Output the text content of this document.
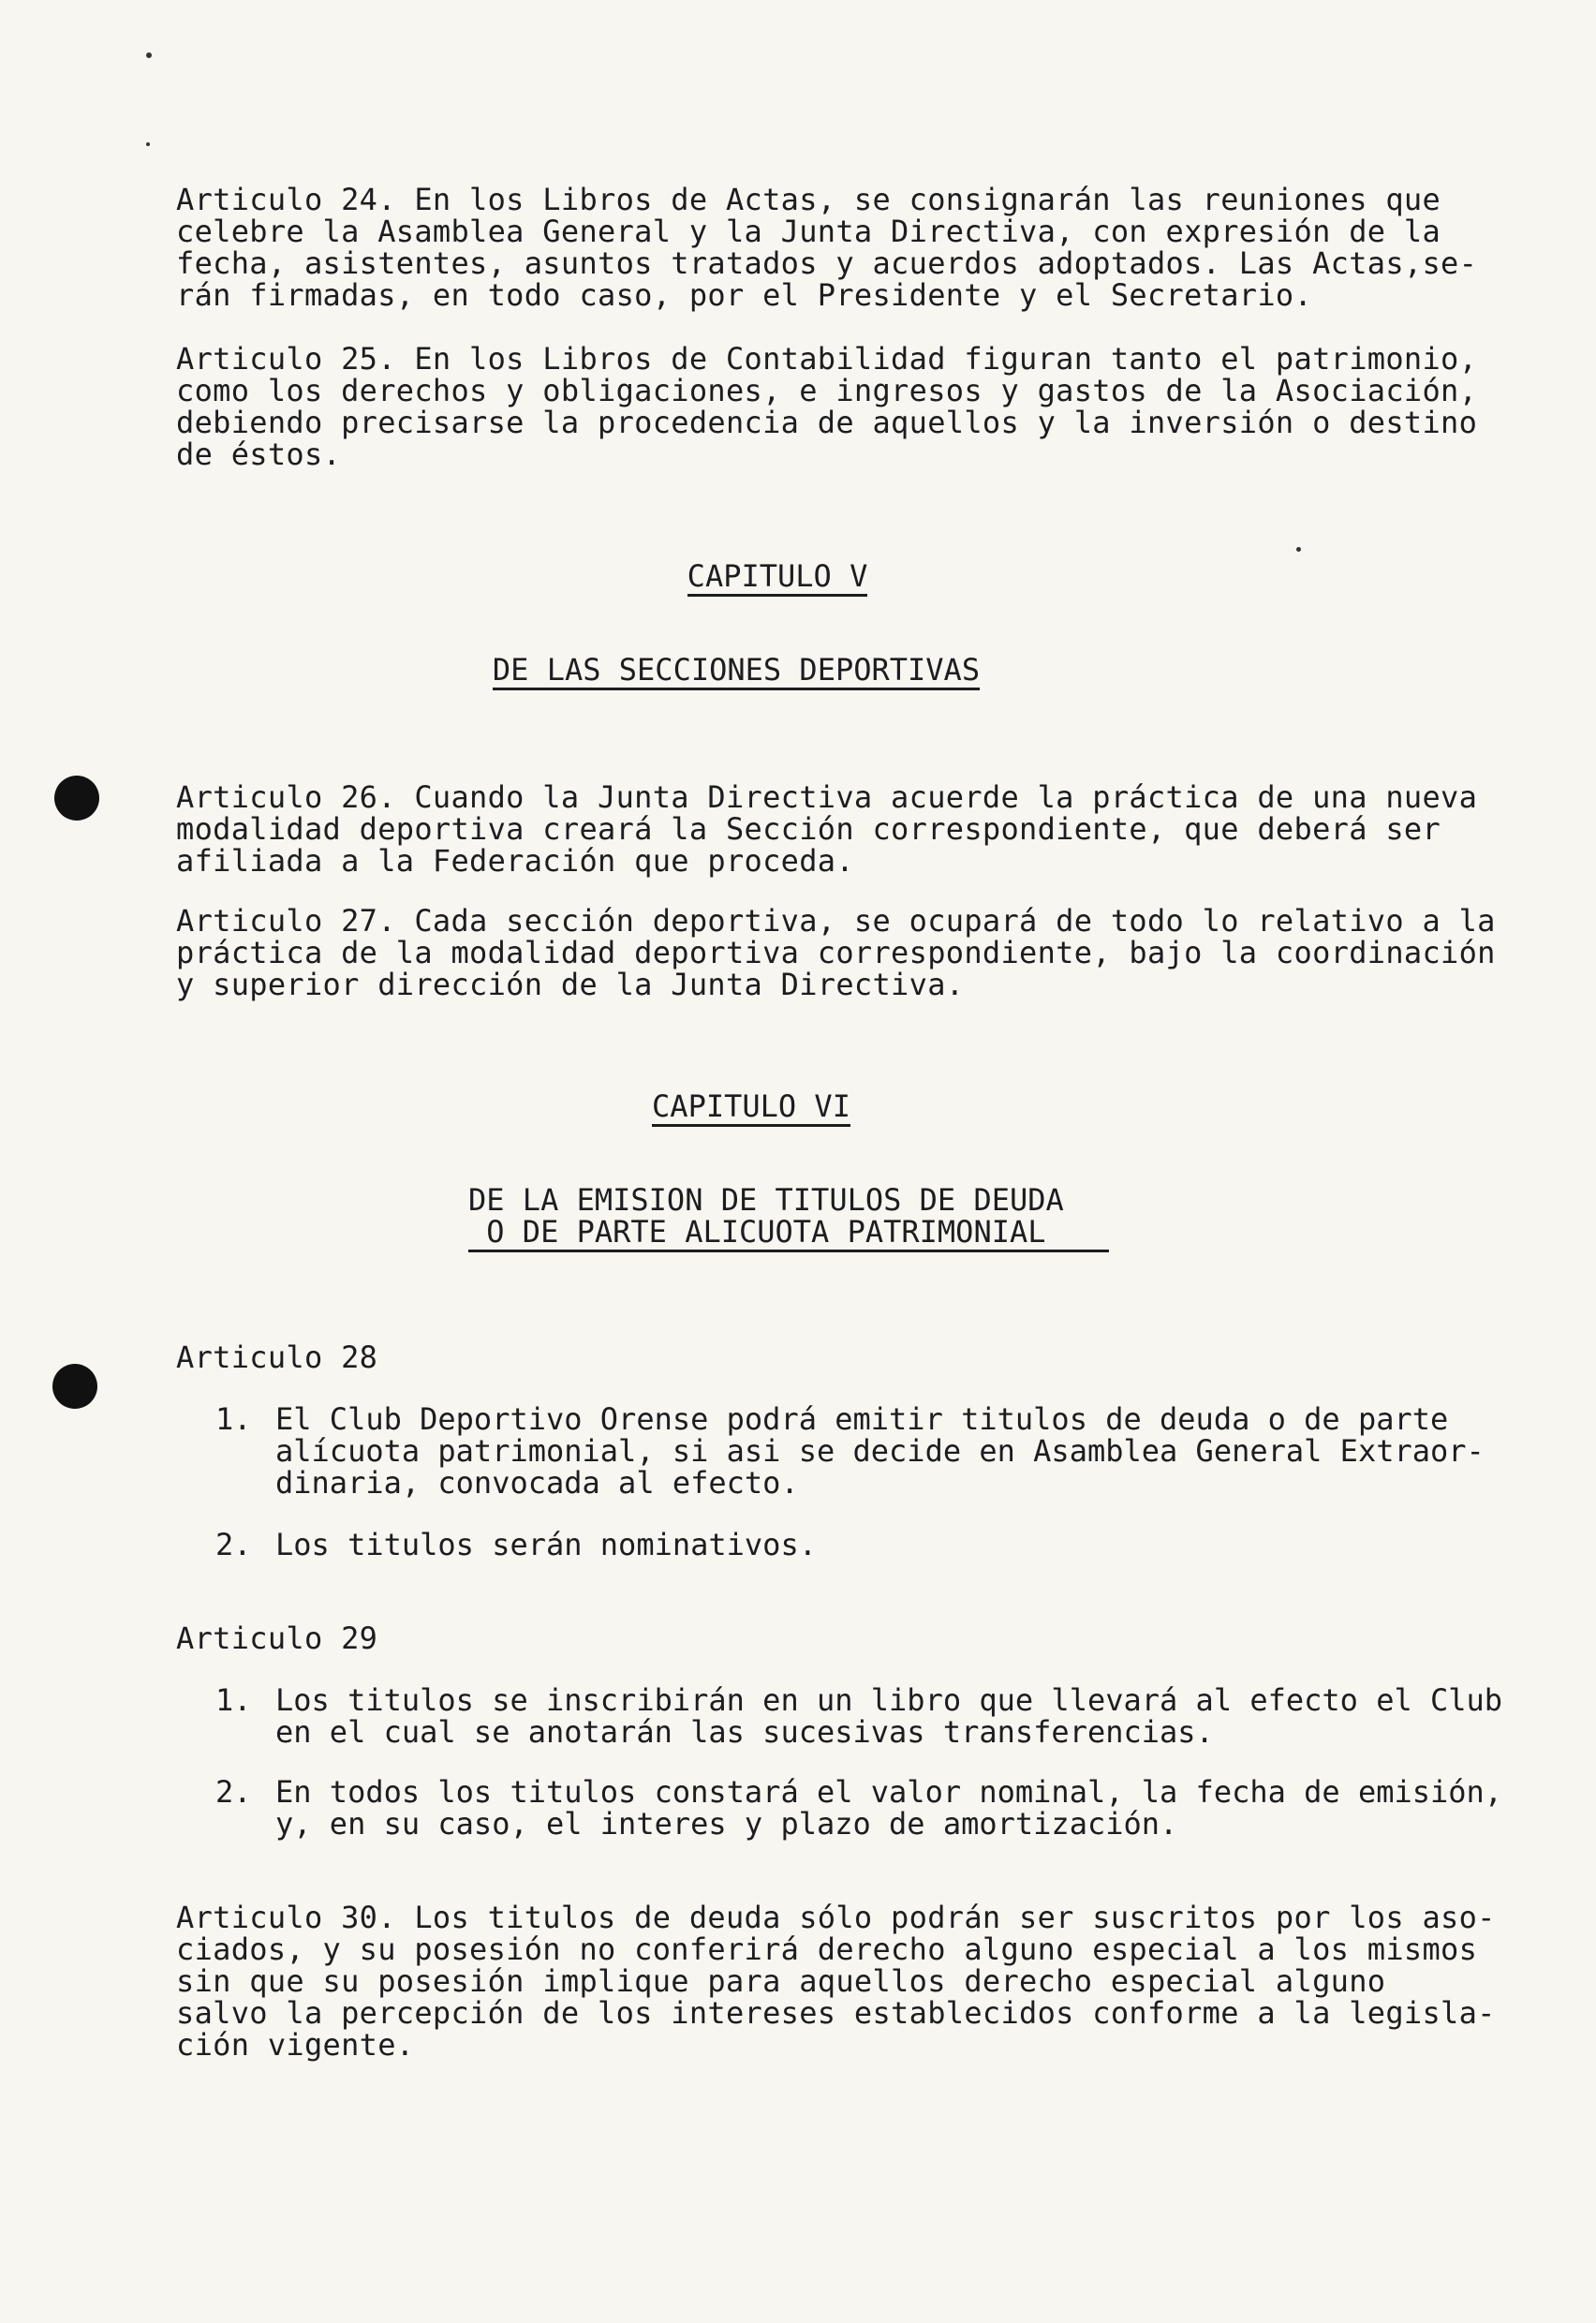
Articulo 24. En los Libros de Actas, se consignarán las reuniones que
celebre la Asamblea General y la Junta Directiva, con expresión de la
fecha, asistentes, asuntos tratados y acuerdos adoptados. Las Actas,se-
rán firmadas, en todo caso, por el Presidente y el Secretario.

Articulo 25. En los Libros de Contabilidad figuran tanto el patrimonio,
como los derechos y obligaciones, e ingresos y gastos de la Asociación,
debiendo precisarse la procedencia de aquellos y la inversión o destino
de éstos.

CAPITULO V
DE LAS SECCIONES DEPORTIVAS

Articulo 26. Cuando la Junta Directiva acuerde la práctica de una nueva
modalidad deportiva creará la Sección correspondiente, que deberá ser
afiliada a la Federación que proceda.

Articulo 27. Cada sección deportiva, se ocupará de todo lo relativo a la
práctica de la modalidad deportiva correspondiente, bajo la coordinación
y superior dirección de la Junta Directiva.

CAPITULO VI
DE LA EMISION DE TITULOS DE DEUDA
O DE PARTE ALICUOTA PATRIMONIAL

Articulo 28

1. El Club Deportivo Orense podrá emitir titulos de deuda o de parte
alícuota patrimonial, si asi se decide en Asamblea General Extraor-
dinaria, convocada al efecto.
2. Los titulos serán nominativos.

Articulo 29

1. Los titulos se inscribirán en un libro que llevará al efecto el Club
en el cual se anotarán las sucesivas transferencias.
2. En todos los titulos constará el valor nominal, la fecha de emisión,
y, en su caso, el interes y plazo de amortización.

Articulo 30. Los titulos de deuda sólo podrán ser suscritos por los aso-
ciados, y su posesión no conferirá derecho alguno especial a los mismos
sin que su posesión implique para aquellos derecho especial alguno
salvo la percepción de los intereses establecidos conforme a la legisla-
ción vigente.
